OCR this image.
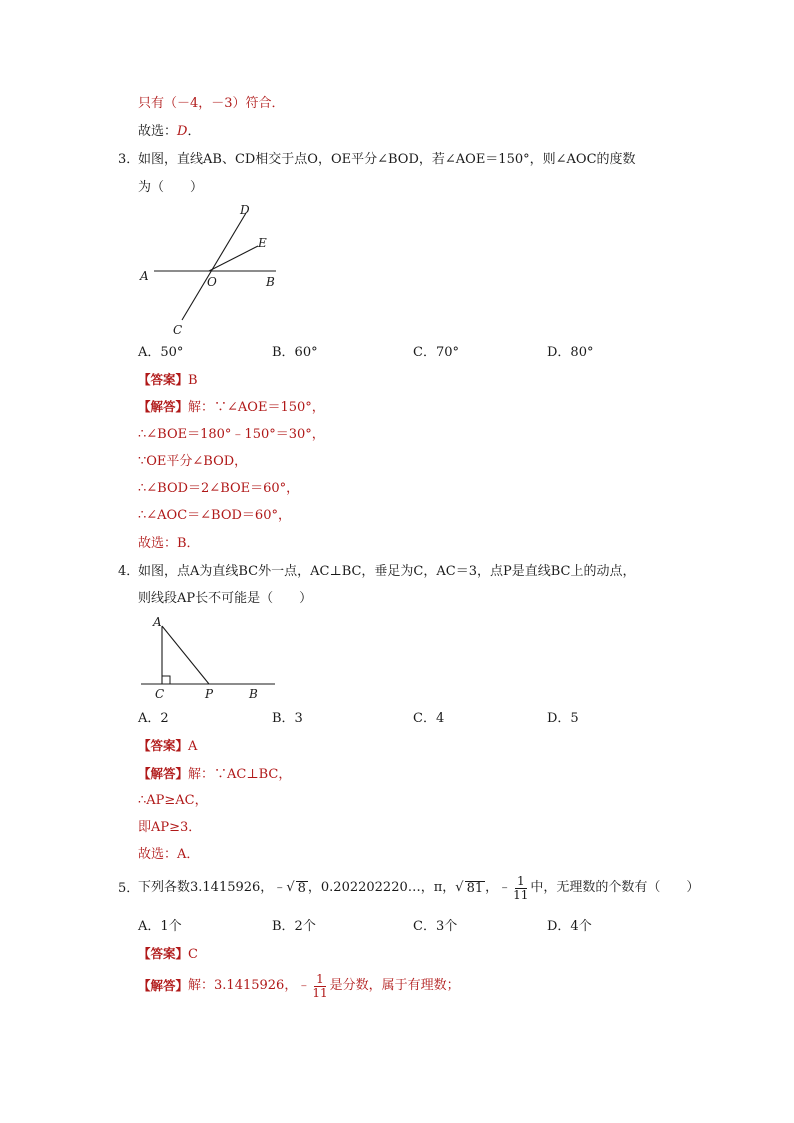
只有（－4，－3）符合．
故选：D．
3．
如图，直线AB、CD相交于点O，OE平分∠BOD，若∠AOE＝150°，则∠AOC的度数
为（　　）
A	O	B
D
E
C
A．50°	B．60°	C．70°	D．80°
【答案】B
【解答】解：∵∠AOE＝150°，
∴∠BOE＝180°﹣150°＝30°，
∵OE平分∠BOD，
∴∠BOD＝2∠BOE＝60°，
∴∠AOC＝∠BOD＝60°，
故选：B．
4．
如图，点A为直线BC外一点，AC⊥BC，垂足为C，AC＝3，点P是直线BC上的动点，
则线段AP长不可能是（　　）
A
C	P	B
A．2	B．3	C．4	D．5
【答案】A
【解答】解：∵AC⊥BC，
∴AP≥AC，
即AP≥3．
故选：A．
5．
下列各数3.1415926，﹣ √ 8 ，0.202202220…，π， √ 81 ，﹣ $\frac{1}{11}$ 中，无理数的个数有（　　）
A．1个	B．2个	C．3个	D．4个
【答案】C
【解答】 解：3.1415926，﹣ $\frac{1}{11}$ 是分数，属于有理数；
